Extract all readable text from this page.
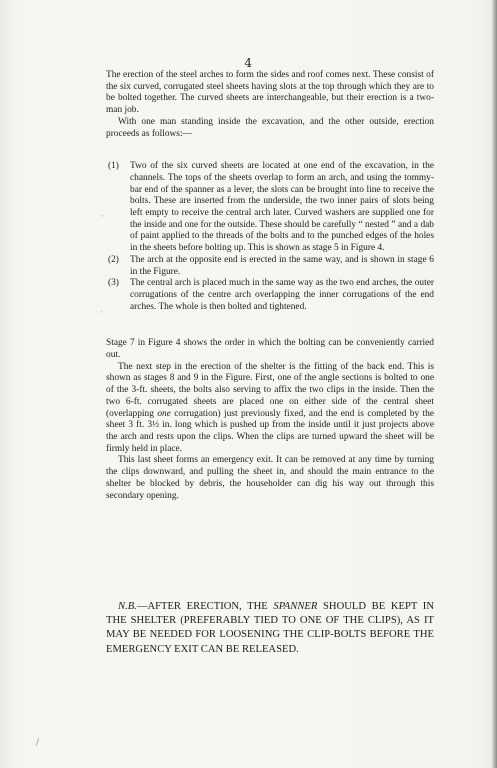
4

The erection of the steel arches to form the sides and roof comes next. These consist of the six curved, corrugated steel sheets having slots at the top through which they are to be bolted together. The curved sheets are interchangeable, but their erection is a two-man job.

With one man standing inside the excavation, and the other outside, erection proceeds as follows:—

(1) Two of the six curved sheets are located at one end of the excavation, in the channels. The tops of the sheets overlap to form an arch, and using the tommy-bar end of the spanner as a lever, the slots can be brought into line to receive the bolts. These are inserted from the underside, the two inner pairs of slots being left empty to receive the central arch later. Curved washers are supplied one for the inside and one for the outside. These should be carefully “ nested ” and a dab of paint applied to the threads of the bolts and to the punched edges of the holes in the sheets before bolting up. This is shown as stage 5 in Figure 4.
(2) The arch at the opposite end is erected in the same way, and is shown in stage 6 in the Figure.
(3) The central arch is placed much in the same way as the two end arches, the outer corrugations of the centre arch overlapping the inner corrugations of the end arches. The whole is then bolted and tightened.

Stage 7 in Figure 4 shows the order in which the bolting can be conveniently carried out.

The next step in the erection of the shelter is the fitting of the back end. This is shown as stages 8 and 9 in the Figure. First, one of the angle sections is bolted to one of the 3-ft. sheets, the bolts also serving to affix the two clips in the inside. Then the two 6-ft. corrugated sheets are placed one on either side of the central sheet (overlapping one corrugation) just previously fixed, and the end is completed by the sheet 3 ft. 3½ in. long which is pushed up from the inside until it just projects above the arch and rests upon the clips. When the clips are turned upward the sheet will be firmly held in place.

This last sheet forms an emergency exit. It can be removed at any time by turning the clips downward, and pulling the sheet in, and should the main entrance to the shelter be blocked by debris, the householder can dig his way out through this secondary opening.

N.B.—AFTER ERECTION, THE SPANNER SHOULD BE KEPT IN THE SHELTER (PREFERABLY TIED TO ONE OF THE CLIPS), AS IT MAY BE NEEDED FOR LOOSENING THE CLIP-BOLTS BEFORE THE EMERGENCY EXIT CAN BE RELEASED.

·
·
/
